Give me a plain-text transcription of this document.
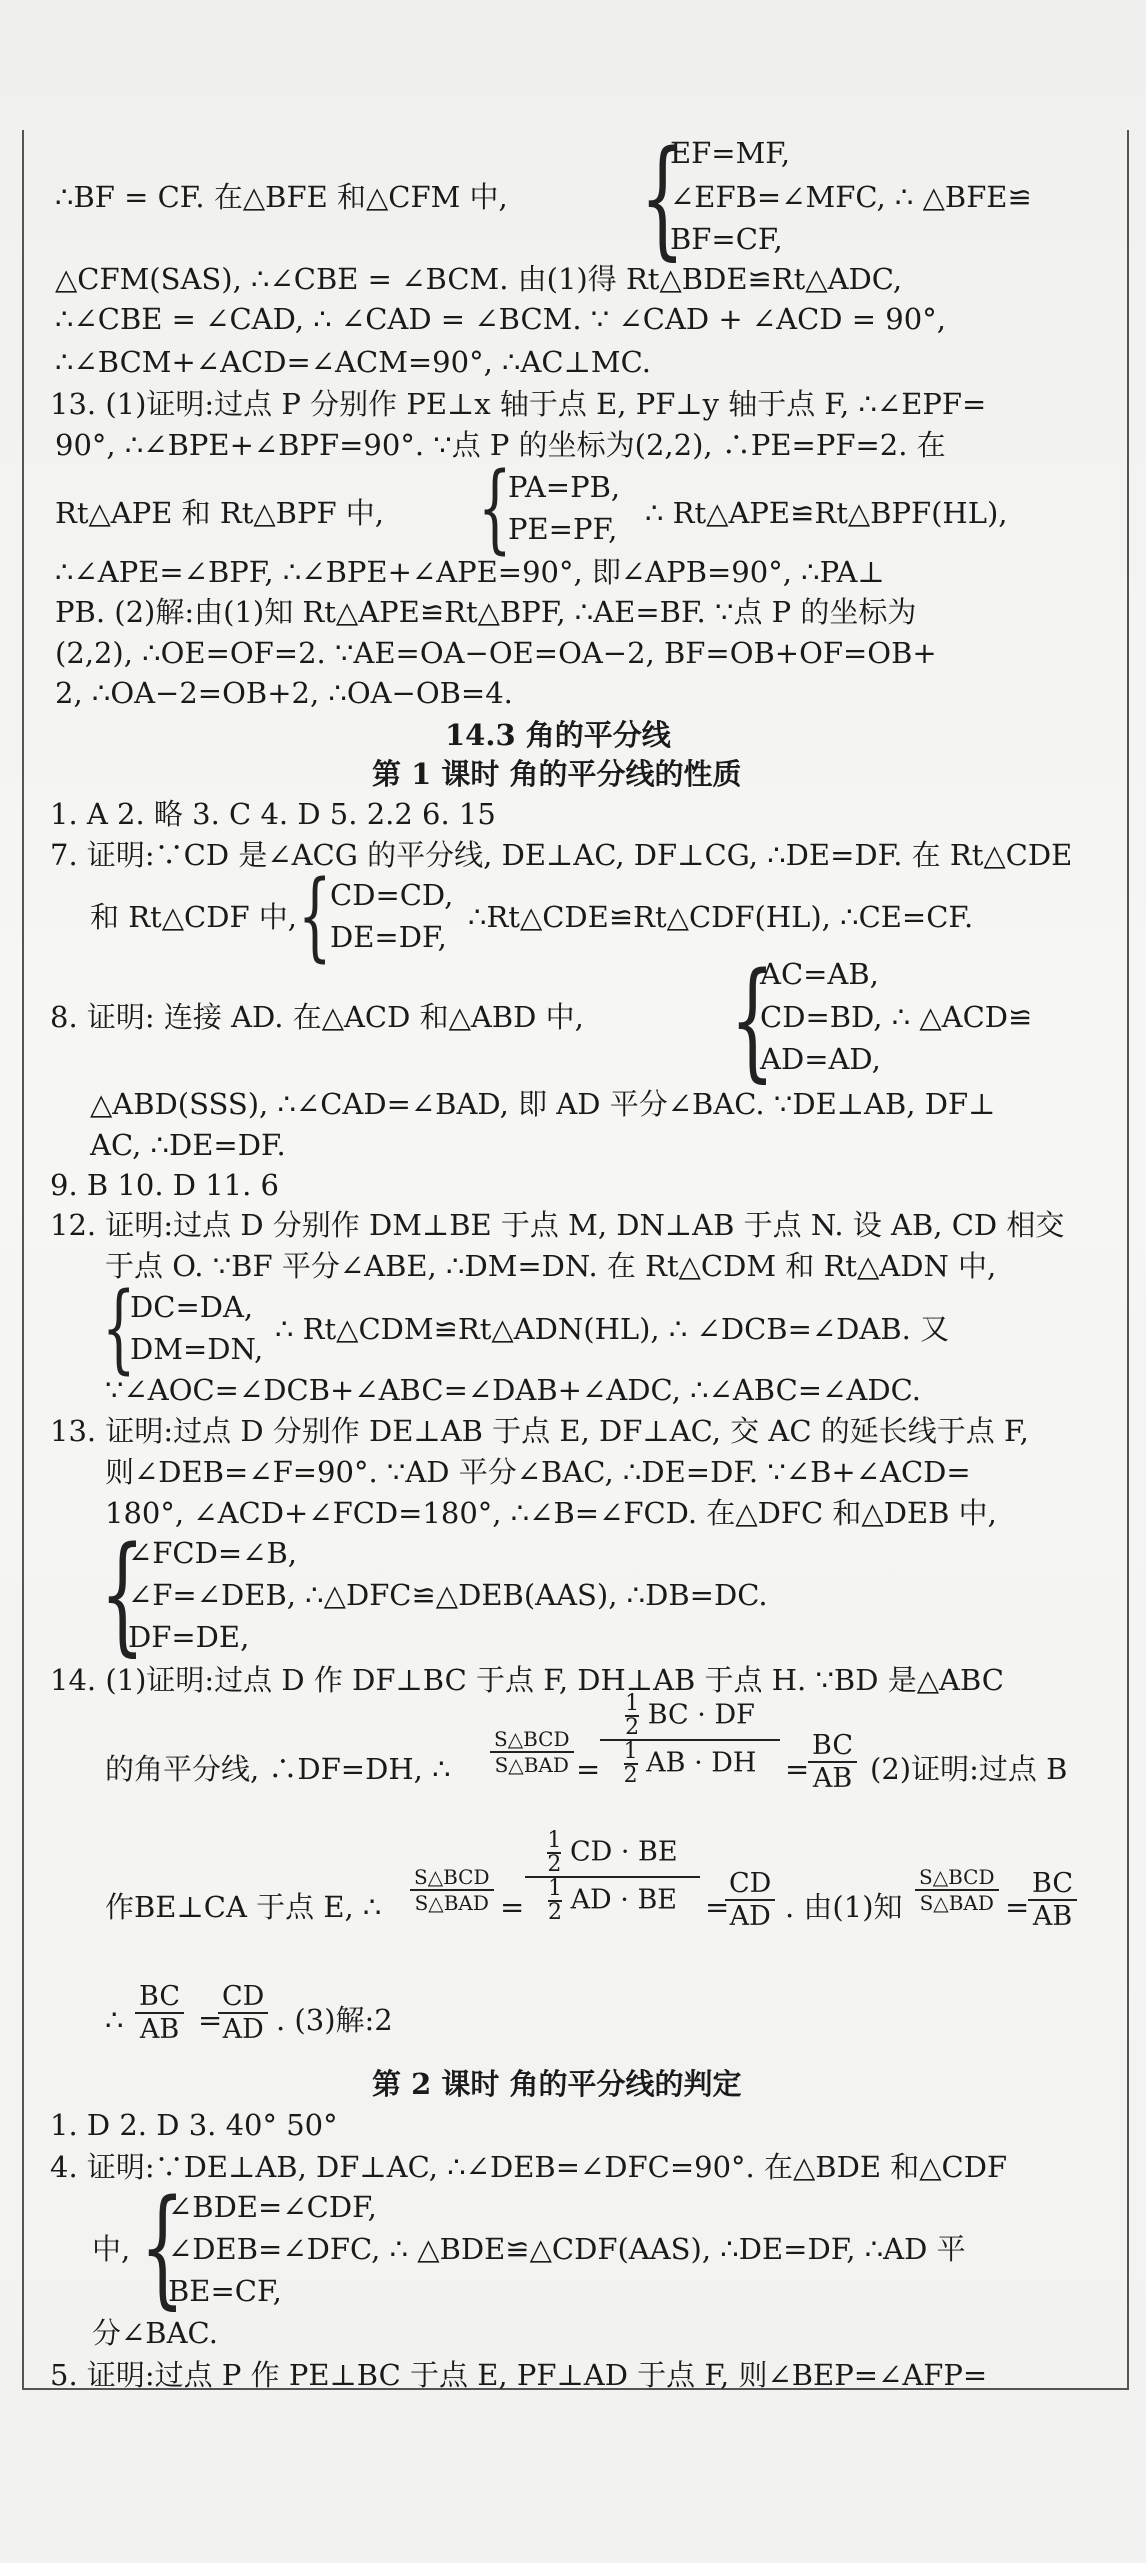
EF=MF,
{
∴BF = CF. 在△BFE 和△CFM 中,	∠EFB=∠MFC, ∴ △BFE≌
BF=CF,
△CFM(SAS), ∴∠CBE = ∠BCM. 由(1)得 Rt△BDE≌Rt△ADC,
∴∠CBE = ∠CAD, ∴ ∠CAD = ∠BCM. ∵ ∠CAD + ∠ACD = 90°,
∴∠BCM+∠ACD=∠ACM=90°, ∴AC⊥MC.
13. (1)证明:过点 P 分别作 PE⊥x 轴于点 E, PF⊥y 轴于点 F, ∴∠EPF=
90°, ∴∠BPE+∠BPF=90°. ∵点 P 的坐标为(2,2), ∴PE=PF=2. 在
Rt△APE 和 Rt△BPF 中, {
PA=PB,
PE=PF, ∴ Rt△APE≌Rt△BPF(HL),
∴∠APE=∠BPF, ∴∠BPE+∠APE=90°, 即∠APB=90°, ∴PA⊥
PB. (2)解:由(1)知 Rt△APE≌Rt△BPF, ∴AE=BF. ∵点 P 的坐标为
(2,2), ∴OE=OF=2. ∵AE=OA−OE=OA−2, BF=OB+OF=OB+
2, ∴OA−2=OB+2, ∴OA−OB=4.
14.3 角的平分线
第 1 课时 角的平分线的性质
1. A 2. 略 3. C 4. D 5. 2.2 6. 15
7. 证明:∵CD 是∠ACG 的平分线, DE⊥AC, DF⊥CG, ∴DE=DF. 在 Rt△CDE
和 Rt△CDF 中, {
CD=CD,
DE=DF,
∴Rt△CDE≌Rt△CDF(HL), ∴CE=CF.
{
AC=AB,
8. 证明: 连接 AD. 在△ACD 和△ABD 中,	CD=BD, ∴ △ACD≌
AD=AD,
△ABD(SSS), ∴∠CAD=∠BAD, 即 AD 平分∠BAC. ∵DE⊥AB, DF⊥
AC, ∴DE=DF.
9. B 10. D 11. 6
12. 证明:过点 D 分别作 DM⊥BE 于点 M, DN⊥AB 于点 N. 设 AB, CD 相交
于点 O. ∵BF 平分∠ABE, ∴DM=DN. 在 Rt△CDM 和 Rt△ADN 中,
{
DC=DA,
∴ Rt△CDM≌Rt△ADN(HL), ∴ ∠DCB=∠DAB. 又
DM=DN,
∵∠AOC=∠DCB+∠ABC=∠DAB+∠ADC, ∴∠ABC=∠ADC.
13. 证明:过点 D 分别作 DE⊥AB 于点 E, DF⊥AC, 交 AC 的延长线于点 F,
则∠DEB=∠F=90°. ∵AD 平分∠BAC, ∴DE=DF. ∵∠B+∠ACD=
180°, ∠ACD+∠FCD=180°, ∴∠B=∠FCD. 在△DFC 和△DEB 中,
{
∠FCD=∠B,
∠F=∠DEB, ∴△DFC≌△DEB(AAS), ∴DB=DC.
DF=DE,
14. (1)证明:过点 D 作 DF⊥BC 于点 F, DH⊥AB 于点 H. ∵BD 是△ABC
的角平分线, ∴DF=DH, ∴
S△BCD
S△BAD = $\frac{\frac{1}{2} BC \cdot DF}{\frac{1}{2} AB \cdot DH}$ =
$\frac{BC}{AB} (2)$证明:过点 B
作BE⊥CA 于点 E, ∴
S△BCD
S△BAD = $\frac{\frac{1}{2} CD \cdot BE}{\frac{1}{2} AD \cdot BE}$ =
$\frac{CD}{AD}$ . 由(1)知
S△BCD
S△BAD =
$\frac{BC}{AB}$
∴ $\frac{BC}{AB}$ =
$\frac{CD}{AD}$ . (3)解:2
第 2 课时 角的平分线的判定
1. D 2. D 3. 40° 50°
4. 证明:∵DE⊥AB, DF⊥AC, ∴∠DEB=∠DFC=90°. 在△BDE 和△CDF
{
∠BDE=∠CDF,
中, ∠DEB=∠DFC, ∴ △BDE≌△CDF(AAS), ∴DE=DF, ∴AD 平
BE=CF,
分∠BAC.
5. 证明:过点 P 作 PE⊥BC 于点 E, PF⊥AD 于点 F, 则∠BEP=∠AFP=
